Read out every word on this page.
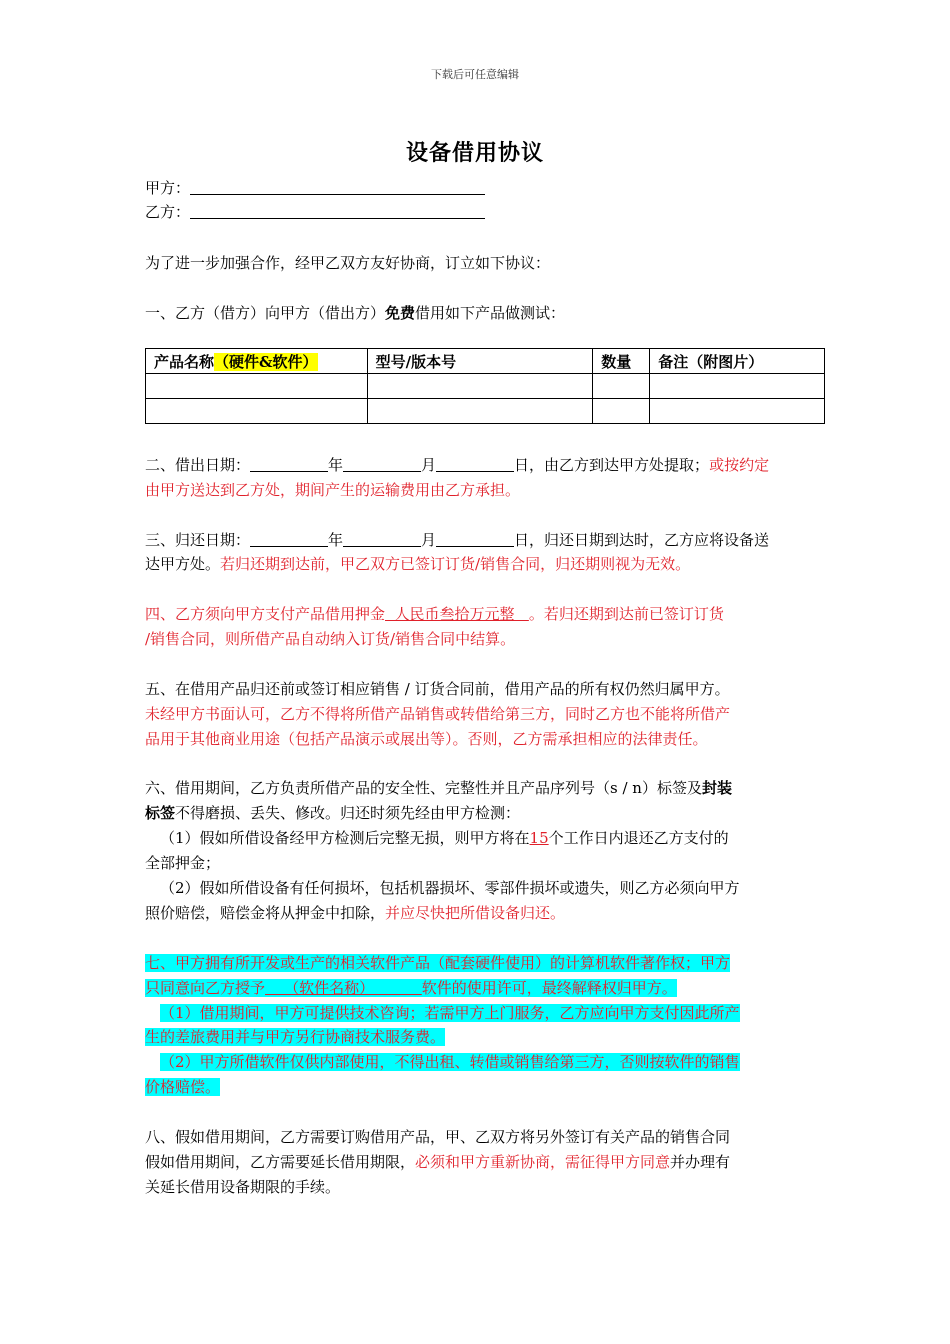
下载后可任意编辑
设备借用协议
甲方：
乙方：
为了进一步加强合作，经甲乙双方友好协商，订立如下协议：
一、乙方（借方）向甲方（借出方）免费借用如下产品做测试：
产品名称（硬件&软件）	型号/版本号	数量	备注（附图片）

二、借出日期：	年	月	日，由乙方到达甲方处提取；或按约定
由甲方送达到乙方处，期间产生的运输费用由乙方承担。
三、归还日期：	年	月	日，归还日期到达时，乙方应将设备送
达甲方处。若归还期到达前，甲乙双方已签订订货/销售合同，归还期则视为无效。
四、乙方须向甲方支付产品借用押金  人民币叁拾万元整   。若归还期到达前已签订订货
/销售合同，则所借产品自动纳入订货/销售合同中结算。
五、在借用产品归还前或签订相应销售 / 订货合同前，借用产品的所有权仍然归属甲方。
未经甲方书面认可，乙方不得将所借产品销售或转借给第三方，同时乙方也不能将所借产
品用于其他商业用途（包括产品演示或展出等）。否则，乙方需承担相应的法律责任。
六、借用期间，乙方负责所借产品的安全性、完整性并且产品序列号（s / n）标签及封装
标签不得磨损、丢失、修改。归还时须先经由甲方检测：
（1）假如所借设备经甲方检测后完整无损，则甲方将在15个工作日内退还乙方支付的
全部押金；
（2）假如所借设备有任何损坏，包括机器损坏、零部件损坏或遗失，则乙方必须向甲方
照价赔偿，赔偿金将从押金中扣除，并应尽快把所借设备归还。
七、甲方拥有所开发或生产的相关软件产品（配套硬件使用）的计算机软件著作权；甲方
只同意向乙方授予    （软件名称）          软件的使用许可，最终解释权归甲方。
（1）借用期间，甲方可提供技术咨询；若需甲方上门服务，乙方应向甲方支付因此所产
生的差旅费用并与甲方另行协商技术服务费。
（2）甲方所借软件仅供内部使用，不得出租、转借或销售给第三方，否则按软件的销售
价格赔偿。
八、假如借用期间，乙方需要订购借用产品，甲、乙双方将另外签订有关产品的销售合同
假如借用期间，乙方需要延长借用期限，必须和甲方重新协商，需征得甲方同意并办理有
关延长借用设备期限的手续。
